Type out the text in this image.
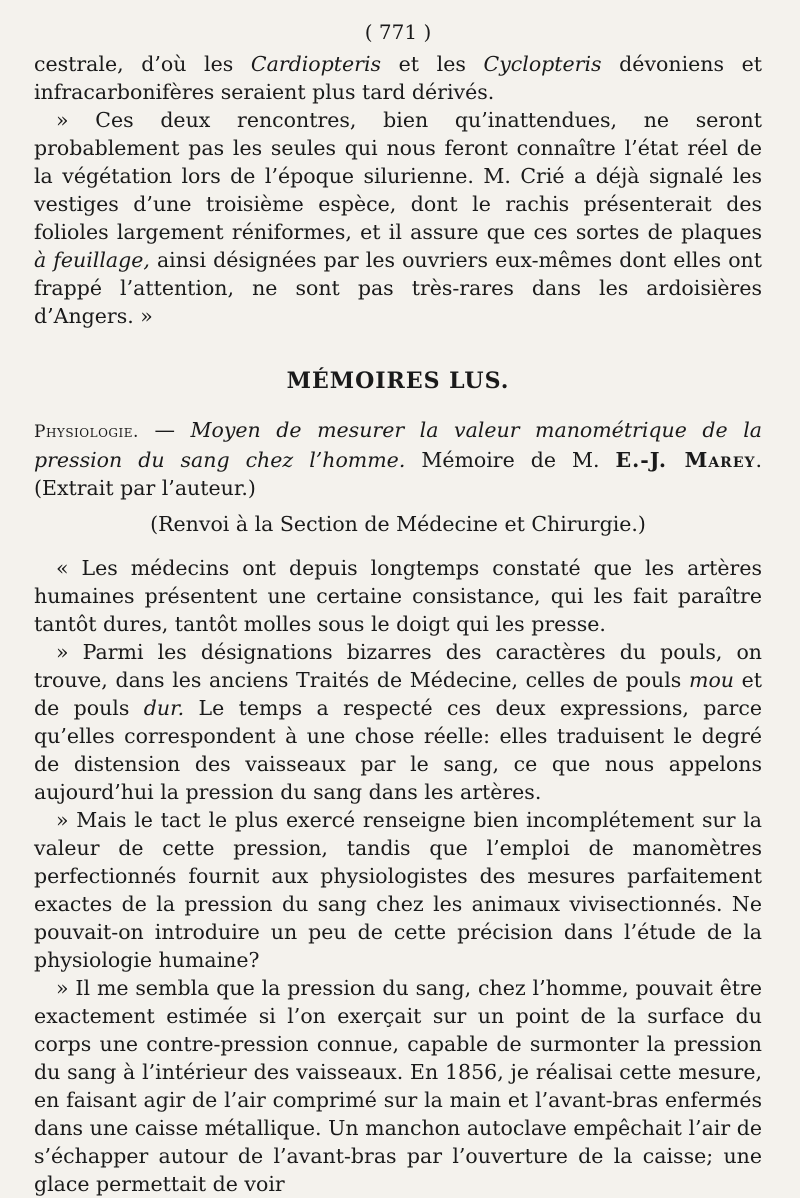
( 771 )

cestrale, d’où les Cardiopteris et les Cyclopteris dévoniens et infracarbonifères seraient plus tard dérivés.

» Ces deux rencontres, bien qu’inattendues, ne seront probablement pas les seules qui nous feront connaître l’état réel de la végétation lors de l’époque silurienne. M. Crié a déjà signalé les vestiges d’une troisième espèce, dont le rachis présenterait des folioles largement réniformes, et il assure que ces sortes de plaques à feuillage, ainsi désignées par les ouvriers eux-mêmes dont elles ont frappé l’attention, ne sont pas très-rares dans les ardoisières d’Angers. »

MÉMOIRES LUS.

Physiologie. — Moyen de mesurer la valeur manométrique de la pression du sang chez l’homme. Mémoire de M. E.-J. Marey. (Extrait par l’auteur.)

(Renvoi à la Section de Médecine et Chirurgie.)

« Les médecins ont depuis longtemps constaté que les artères humaines présentent une certaine consistance, qui les fait paraître tantôt dures, tantôt molles sous le doigt qui les presse.

» Parmi les désignations bizarres des caractères du pouls, on trouve, dans les anciens Traités de Médecine, celles de pouls mou et de pouls dur. Le temps a respecté ces deux expressions, parce qu’elles correspondent à une chose réelle: elles traduisent le degré de distension des vaisseaux par le sang, ce que nous appelons aujourd’hui la pression du sang dans les artères.

» Mais le tact le plus exercé renseigne bien incomplétement sur la valeur de cette pression, tandis que l’emploi de manomètres perfectionnés fournit aux physiologistes des mesures parfaitement exactes de la pression du sang chez les animaux vivisectionnés. Ne pouvait-on introduire un peu de cette précision dans l’étude de la physiologie humaine?

» Il me sembla que la pression du sang, chez l’homme, pouvait être exactement estimée si l’on exerçait sur un point de la surface du corps une contre-pression connue, capable de surmonter la pression du sang à l’intérieur des vaisseaux. En 1856, je réalisai cette mesure, en faisant agir de l’air comprimé sur la main et l’avant-bras enfermés dans une caisse métallique. Un manchon autoclave empêchait l’air de s’échapper autour de l’avant-bras par l’ouverture de la caisse; une glace permettait de voir
